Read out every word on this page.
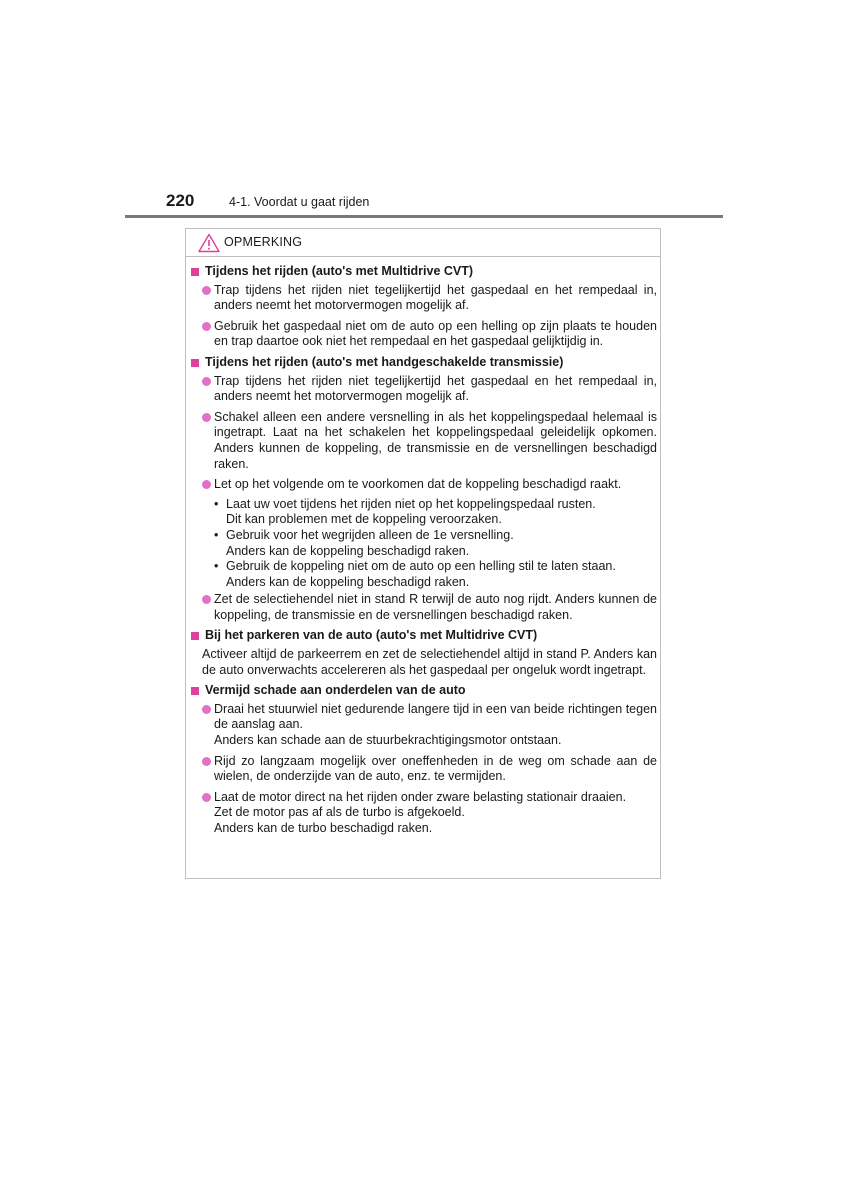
220	4-1. Voordat u gaat rijden
OPMERKING
Tijdens het rijden (auto's met Multidrive CVT)
Trap tijdens het rijden niet tegelijkertijd het gaspedaal en het rempedaal in, anders neemt het motorvermogen mogelijk af.
Gebruik het gaspedaal niet om de auto op een helling op zijn plaats te houden en trap daartoe ook niet het rempedaal en het gaspedaal gelijktijdig in.
Tijdens het rijden (auto's met handgeschakelde transmissie)
Trap tijdens het rijden niet tegelijkertijd het gaspedaal en het rempedaal in, anders neemt het motorvermogen mogelijk af.
Schakel alleen een andere versnelling in als het koppelingspedaal helemaal is ingetrapt. Laat na het schakelen het koppelingspedaal geleidelijk opkomen. Anders kunnen de koppeling, de transmissie en de versnellingen beschadigd raken.
Let op het volgende om te voorkomen dat de koppeling beschadigd raakt.
• Laat uw voet tijdens het rijden niet op het koppelingspedaal rusten.
Dit kan problemen met de koppeling veroorzaken.
• Gebruik voor het wegrijden alleen de 1e versnelling.
Anders kan de koppeling beschadigd raken.
• Gebruik de koppeling niet om de auto op een helling stil te laten staan.
Anders kan de koppeling beschadigd raken.
Zet de selectiehendel niet in stand R terwijl de auto nog rijdt. Anders kunnen de koppeling, de transmissie en de versnellingen beschadigd raken.
Bij het parkeren van de auto (auto's met Multidrive CVT)
Activeer altijd de parkeerrem en zet de selectiehendel altijd in stand P. Anders kan de auto onverwachts accelereren als het gaspedaal per ongeluk wordt ingetrapt.
Vermijd schade aan onderdelen van de auto
Draai het stuurwiel niet gedurende langere tijd in een van beide richtingen tegen de aanslag aan.
Anders kan schade aan de stuurbekrachtigingsmotor ontstaan.
Rijd zo langzaam mogelijk over oneffenheden in de weg om schade aan de wielen, de onderzijde van de auto, enz. te vermijden.
Laat de motor direct na het rijden onder zware belasting stationair draaien.
Zet de motor pas af als de turbo is afgekoeld.
Anders kan de turbo beschadigd raken.
